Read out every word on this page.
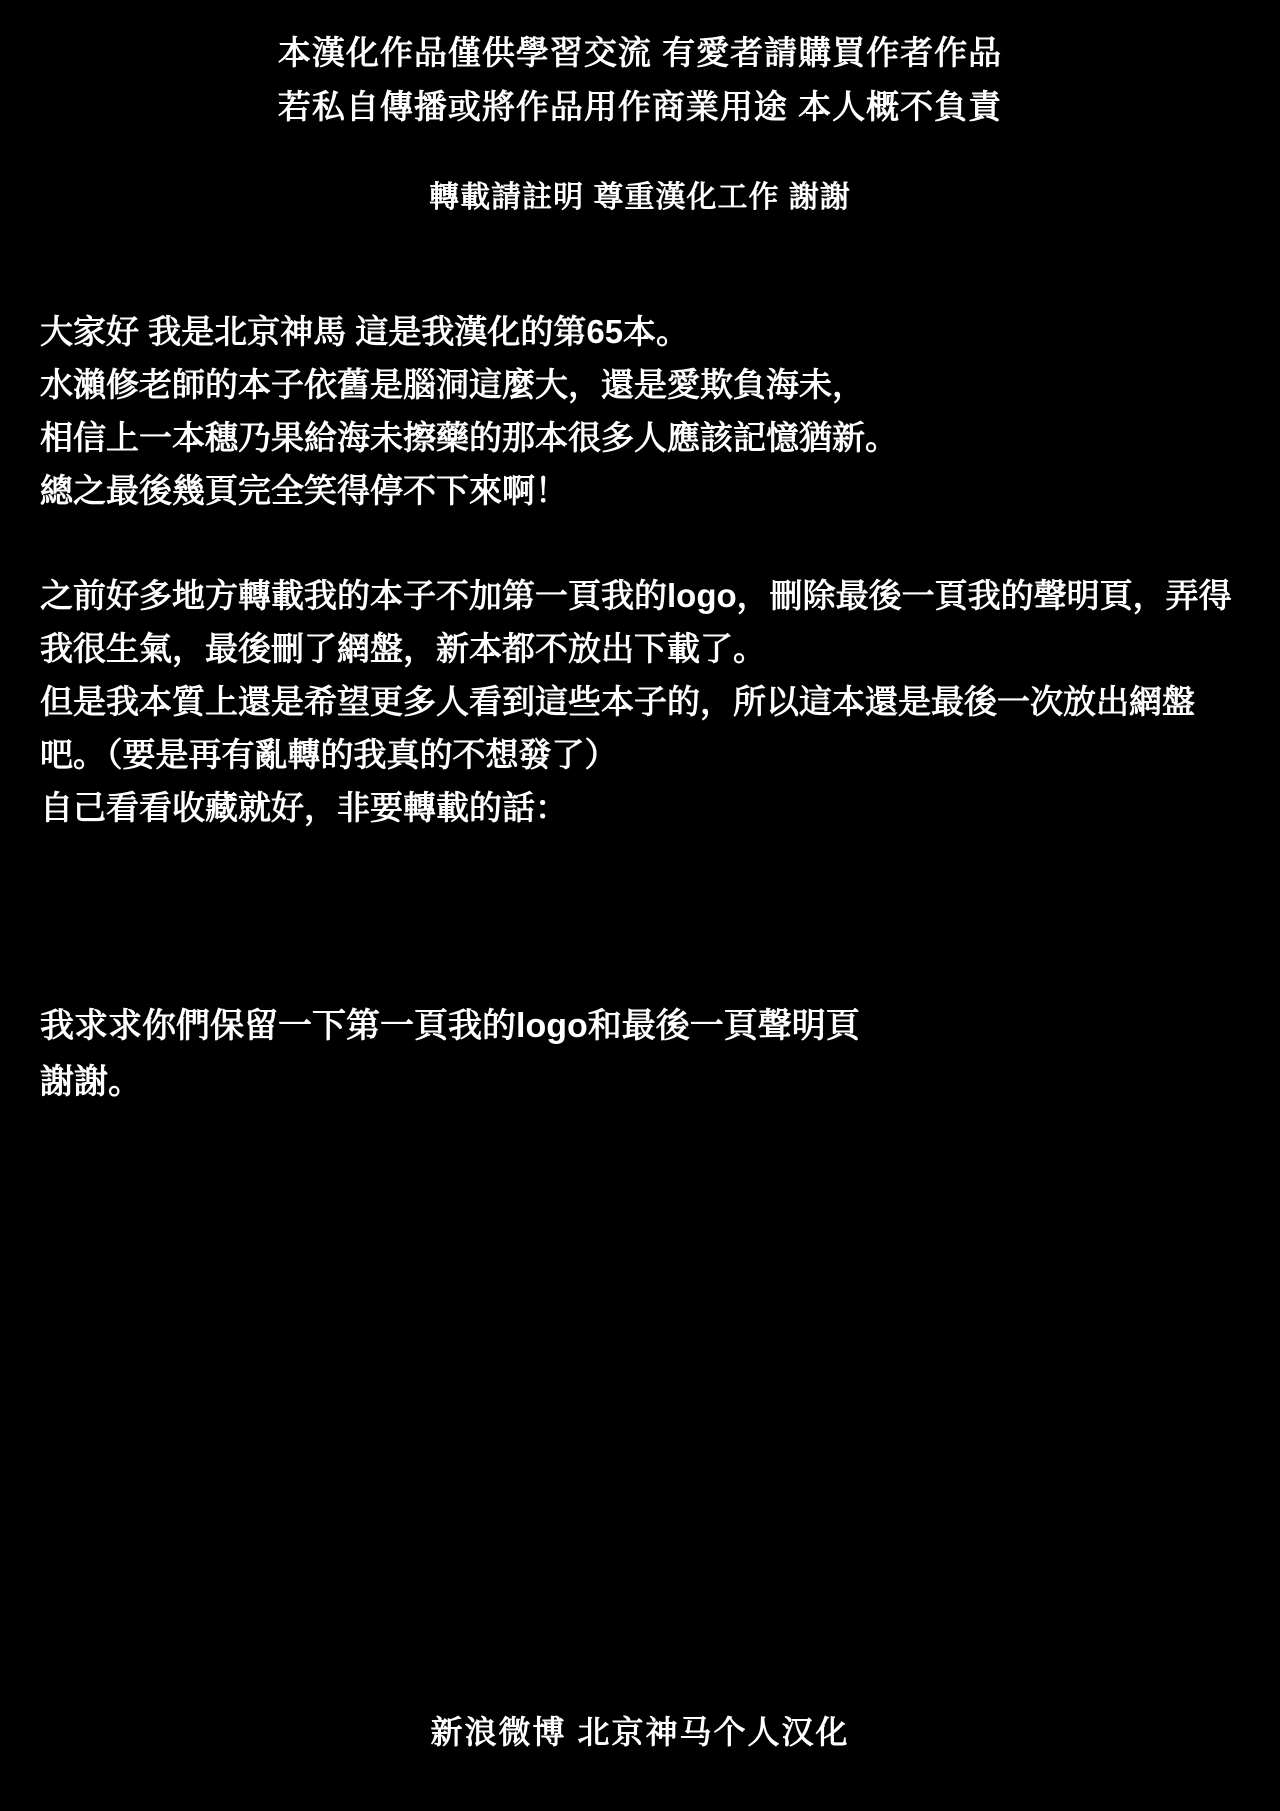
本漢化作品僅供學習交流 有愛者請購買作者作品
若私自傳播或將作品用作商業用途 本人概不負責
轉載請註明 尊重漢化工作 謝謝
大家好 我是北京神馬 這是我漢化的第65本。
水瀨修老師的本子依舊是腦洞這麼大，還是愛欺負海未，
相信上一本穗乃果給海未擦藥的那本很多人應該記憶猶新。
總之最後幾頁完全笑得停不下來啊！
之前好多地方轉載我的本子不加第一頁我的logo，刪除最後一頁我的聲明頁，弄得我很生氣，最後刪了網盤，新本都不放出下載了。
但是我本質上還是希望更多人看到這些本子的，所以這本還是最後一次放出網盤吧。（要是再有亂轉的我真的不想發了）
自己看看收藏就好，非要轉載的話：
我求求你們保留一下第一頁我的logo和最後一頁聲明頁
謝謝。
新浪微博 北京神马个人汉化
